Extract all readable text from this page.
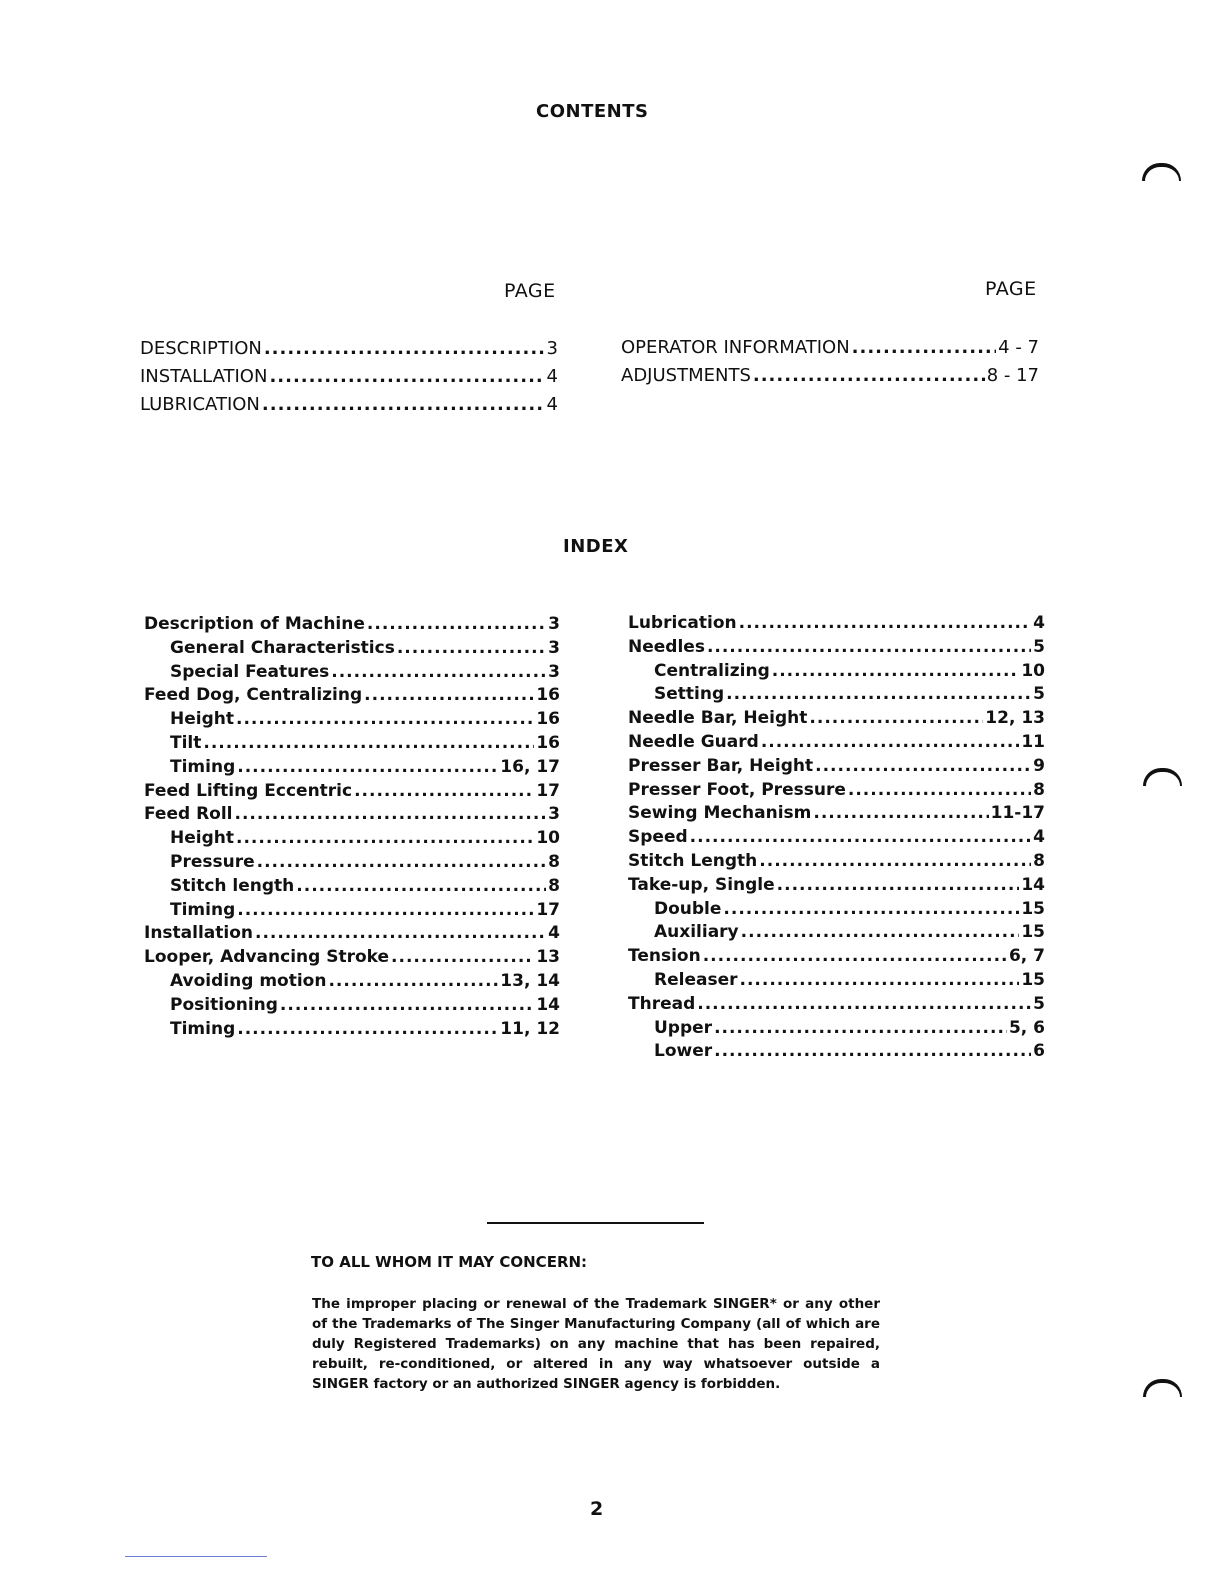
CONTENTS
PAGE	PAGE
DESCRIPTION .....	3
INSTALLATION .....	4
LUBRICATION .....	4
OPERATOR INFORMATION .....	4 - 7
ADJUSTMENTS .....	8 - 17
INDEX
Description of Machine .....	3
General Characteristics .....	3
Special Features .....	3
Feed Dog, Centralizing .....	16
Height .....	16
Tilt .....	16
Timing .....	16, 17
Feed Lifting Eccentric .....	17
Feed Roll .....	3
Height .....	10
Pressure .....	8
Stitch length .....	8
Timing .....	17
Installation .....	4
Looper, Advancing Stroke .....	13
Avoiding motion .....	13, 14
Positioning .....	14
Timing .....	11, 12
Lubrication .....	4
Needles .....	5
Centralizing .....	10
Setting .....	5
Needle Bar, Height .....	12, 13
Needle Guard .....	11
Presser Bar, Height .....	9
Presser Foot, Pressure .....	8
Sewing Mechanism .....	11-17
Speed .....	4
Stitch Length .....	8
Take-up, Single .....	14
Double .....	15
Auxiliary .....	15
Tension .....	6, 7
Releaser .....	15
Thread .....	5
Upper .....	5, 6
Lower .....	6
TO ALL WHOM IT MAY CONCERN:
The improper placing or renewal of the Trademark SINGER* or any other of the Trademarks of The Singer Manufacturing Company (all of which are duly Registered Trademarks) on any machine that has been repaired, rebuilt, re-conditioned, or altered in any way whatsoever outside a SINGER factory or an authorized SINGER agency is forbidden.
2
